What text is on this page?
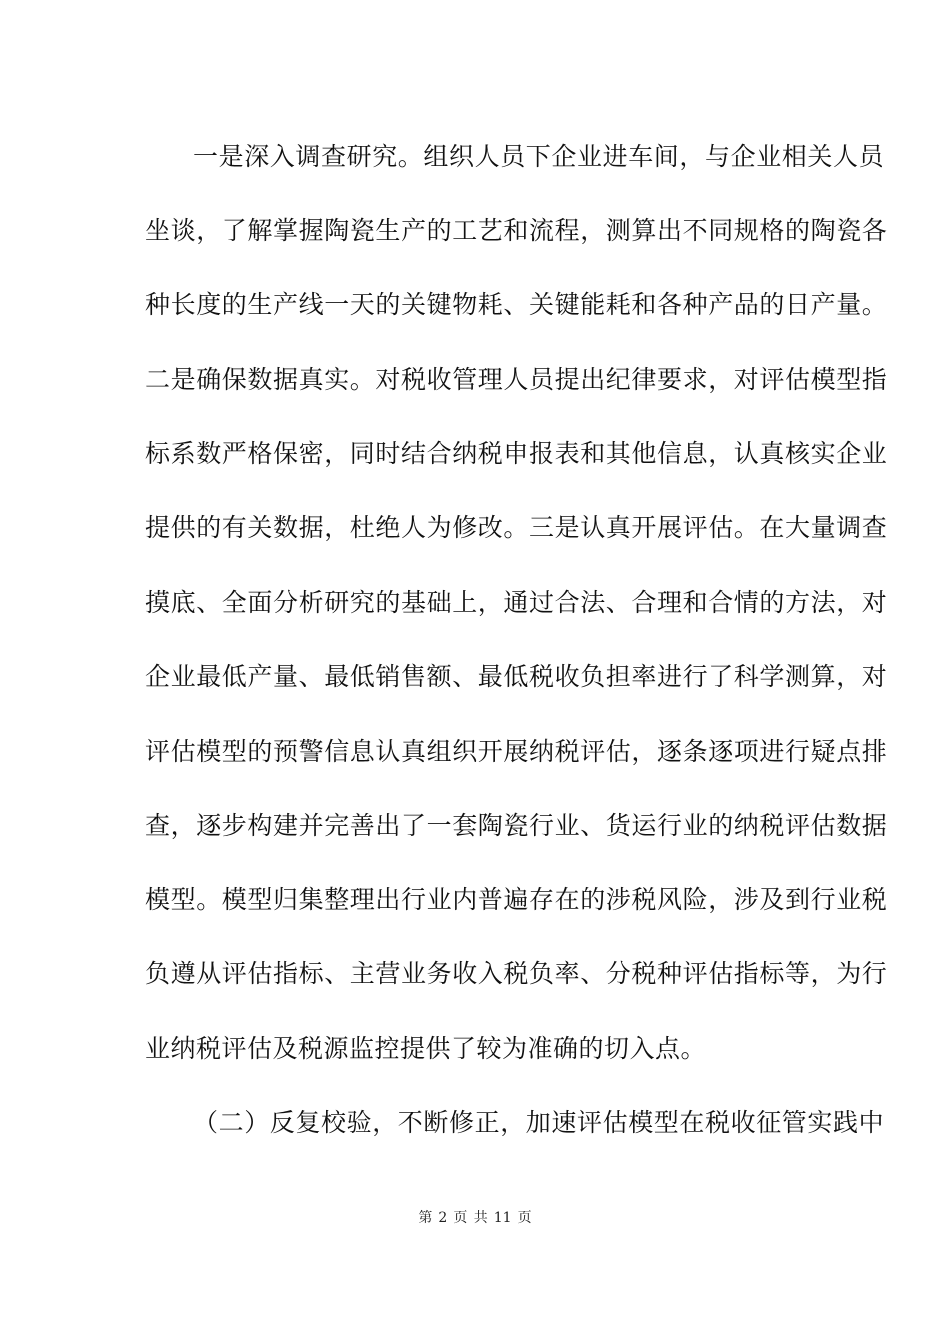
一是深入调查研究。组织人员下企业进车间，与企业相关人员
坐谈，了解掌握陶瓷生产的工艺和流程，测算出不同规格的陶瓷各
种长度的生产线一天的关键物耗、关键能耗和各种产品的日产量。
二是确保数据真实。对税收管理人员提出纪律要求，对评估模型指
标系数严格保密，同时结合纳税申报表和其他信息，认真核实企业
提供的有关数据，杜绝人为修改。三是认真开展评估。在大量调查
摸底、全面分析研究的基础上，通过合法、合理和合情的方法，对
企业最低产量、最低销售额、最低税收负担率进行了科学测算，对
评估模型的预警信息认真组织开展纳税评估，逐条逐项进行疑点排
查，逐步构建并完善出了一套陶瓷行业、货运行业的纳税评估数据
模型。模型归集整理出行业内普遍存在的涉税风险，涉及到行业税
负遵从评估指标、主营业务收入税负率、分税种评估指标等，为行
业纳税评估及税源监控提供了较为准确的切入点。
（二）反复校验，不断修正，加速评估模型在税收征管实践中
第 2 页 共 11 页
